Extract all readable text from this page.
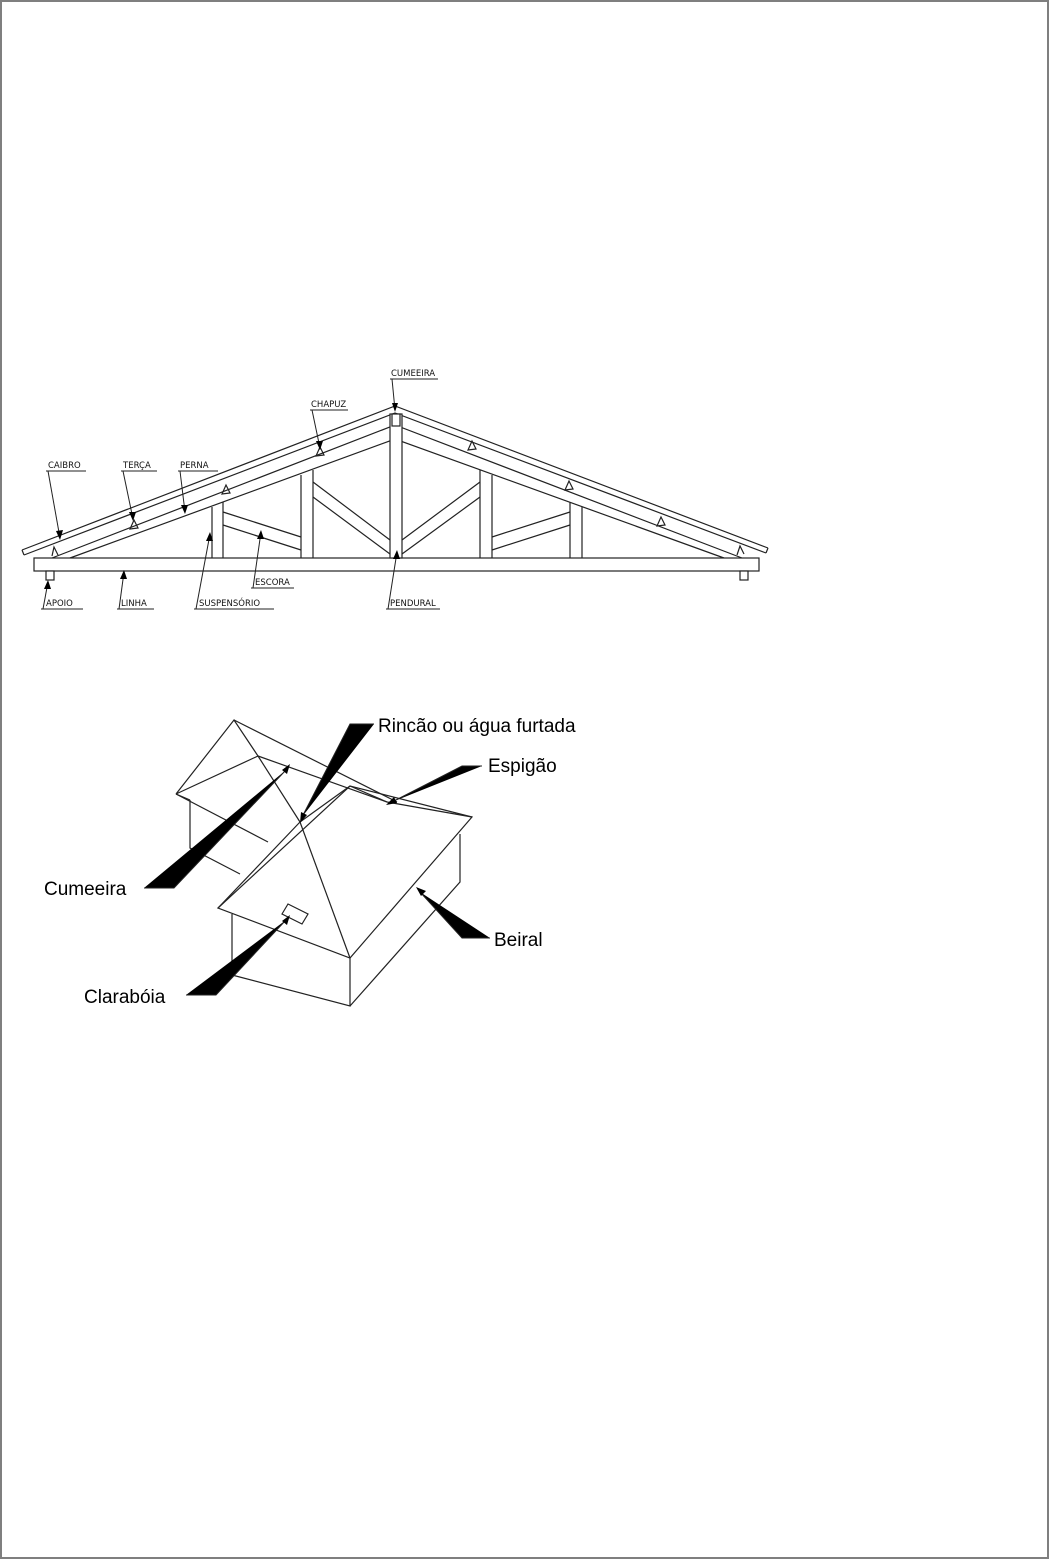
CUMEEIRA
CHAPUZ
CAIBRO	TERÇA	PERNA
ESCORA
APOIO	LINHA	SUSPENSÓRIO	PENDURAL
Rincão ou água furtada
Espigão
Cumeeira
Beiral
Clarabóia
